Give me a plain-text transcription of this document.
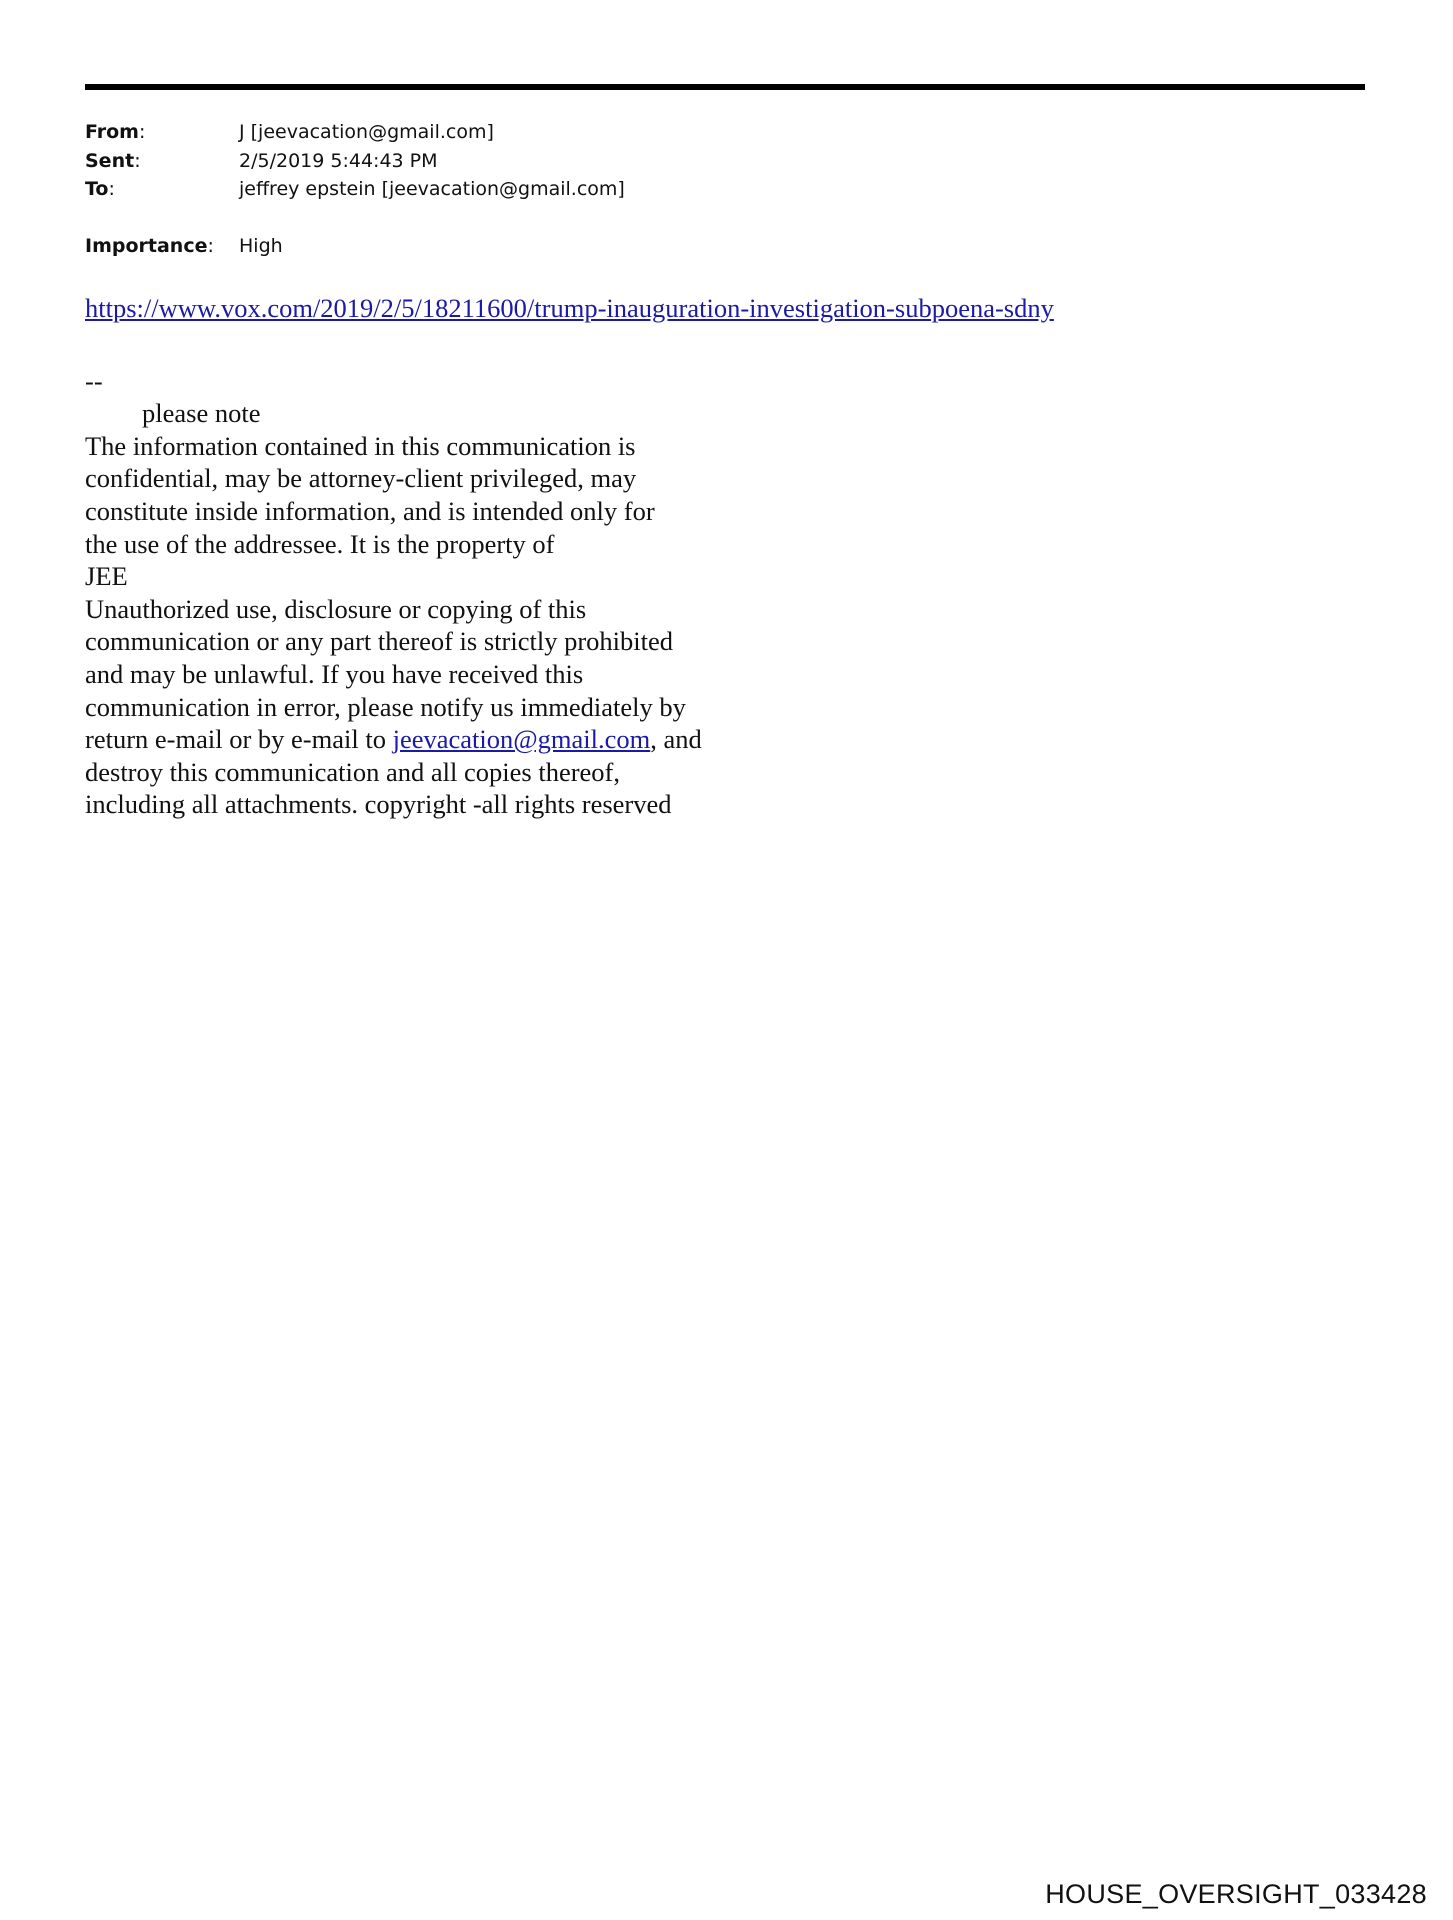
From:	J [jeevacation@gmail.com]
Sent:	2/5/2019 5:44:43 PM
To:	jeffrey epstein [jeevacation@gmail.com]
Importance:	High
https://www.vox.com/2019/2/5/18211600/trump-inauguration-investigation-subpoena-sdny
--
please note
The information contained in this communication is
confidential, may be attorney-client privileged, may
constitute inside information, and is intended only for
the use of the addressee. It is the property of
JEE
Unauthorized use, disclosure or copying of this
communication or any part thereof is strictly prohibited
and may be unlawful. If you have received this
communication in error, please notify us immediately by
return e-mail or by e-mail to jeevacation@gmail.com, and
destroy this communication and all copies thereof,
including all attachments. copyright -all rights reserved
HOUSE_OVERSIGHT_033428
